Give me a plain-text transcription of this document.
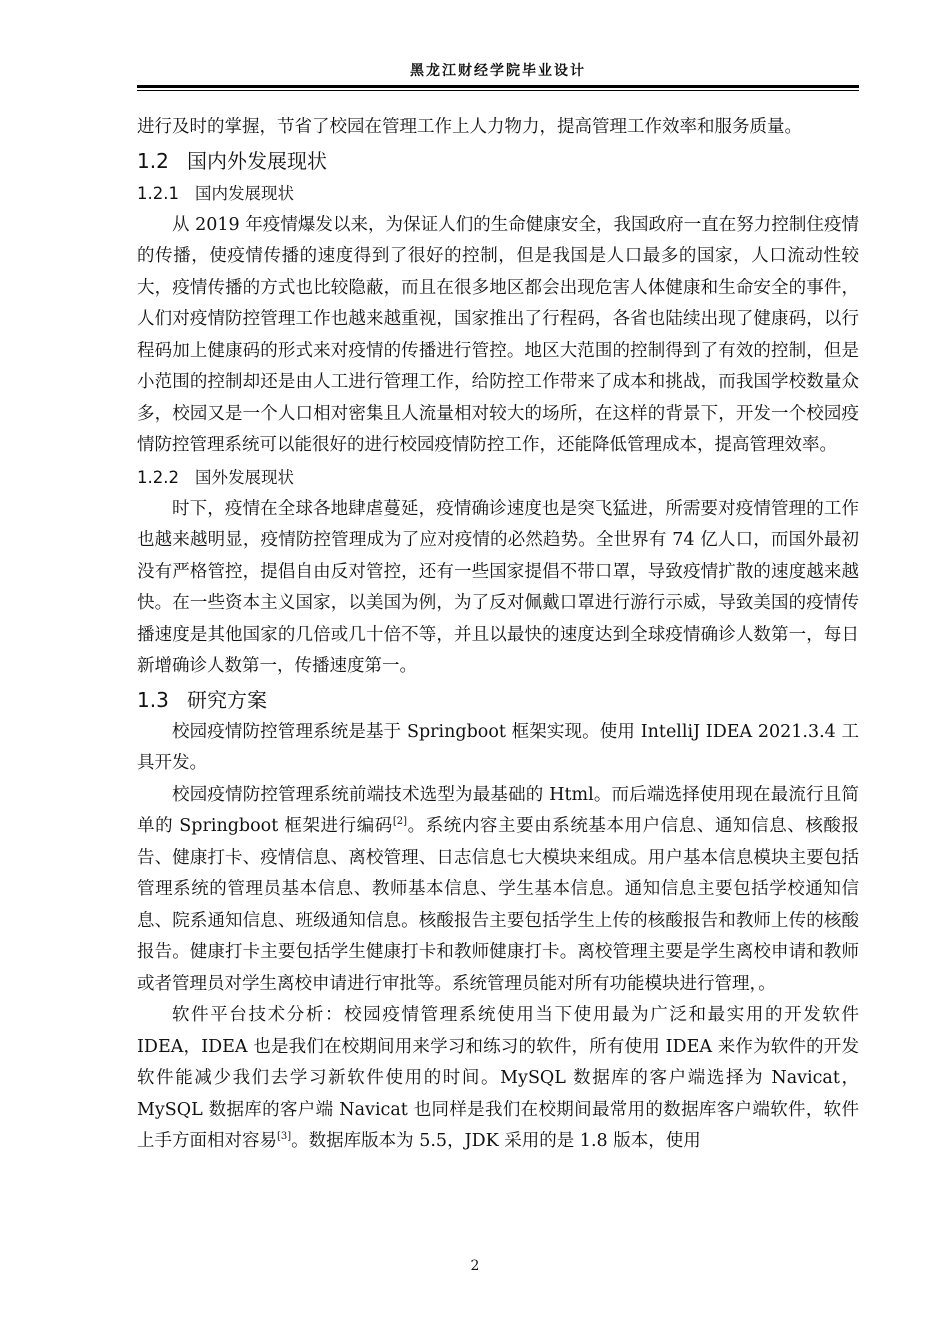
黑龙江财经学院毕业设计

进行及时的掌握，节省了校园在管理工作上人力物力，提高管理工作效率和服务质量。

1.2 国内外发展现状
1.2.1 国内发展现状

从 2019 年疫情爆发以来，为保证人们的生命健康安全，我国政府一直在努力控制住疫情的传播，使疫情传播的速度得到了很好的控制，但是我国是人口最多的国家，人口流动性较大，疫情传播的方式也比较隐蔽，而且在很多地区都会出现危害人体健康和生命安全的事件，人们对疫情防控管理工作也越来越重视，国家推出了行程码，各省也陆续出现了健康码，以行程码加上健康码的形式来对疫情的传播进行管控。地区大范围的控制得到了有效的控制，但是小范围的控制却还是由人工进行管理工作，给防控工作带来了成本和挑战，而我国学校数量众多，校园又是一个人口相对密集且人流量相对较大的场所，在这样的背景下，开发一个校园疫情防控管理系统可以能很好的进行校园疫情防控工作，还能降低管理成本，提高管理效率。

1.2.2 国外发展现状

时下，疫情在全球各地肆虐蔓延，疫情确诊速度也是突飞猛进，所需要对疫情管理的工作也越来越明显，疫情防控管理成为了应对疫情的必然趋势。全世界有 74 亿人口，而国外最初没有严格管控，提倡自由反对管控，还有一些国家提倡不带口罩，导致疫情扩散的速度越来越快。在一些资本主义国家，以美国为例，为了反对佩戴口罩进行游行示威，导致美国的疫情传播速度是其他国家的几倍或几十倍不等，并且以最快的速度达到全球疫情确诊人数第一，每日新增确诊人数第一，传播速度第一。

1.3 研究方案

校园疫情防控管理系统是基于 Springboot 框架实现。使用 IntelliJ IDEA 2021.3.4 工具开发。

校园疫情防控管理系统前端技术选型为最基础的 Html。而后端选择使用现在最流行且简单的 Springboot 框架进行编码[2]。系统内容主要由系统基本用户信息、通知信息、核酸报告、健康打卡、疫情信息、离校管理、日志信息七大模块来组成。用户基本信息模块主要包括管理系统的管理员基本信息、教师基本信息、学生基本信息。通知信息主要包括学校通知信息、院系通知信息、班级通知信息。核酸报告主要包括学生上传的核酸报告和教师上传的核酸报告。健康打卡主要包括学生健康打卡和教师健康打卡。离校管理主要是学生离校申请和教师或者管理员对学生离校申请进行审批等。系统管理员能对所有功能模块进行管理，。

软件平台技术分析：校园疫情管理系统使用当下使用最为广泛和最实用的开发软件 IDEA，IDEA 也是我们在校期间用来学习和练习的软件，所有使用 IDEA 来作为软件的开发软件能减少我们去学习新软件使用的时间。MySQL 数据库的客户端选择为 Navicat，MySQL 数据库的客户端 Navicat 也同样是我们在校期间最常用的数据库客户端软件，软件上手方面相对容易[3]。数据库版本为 5.5，JDK 采用的是 1.8 版本，使用

2
